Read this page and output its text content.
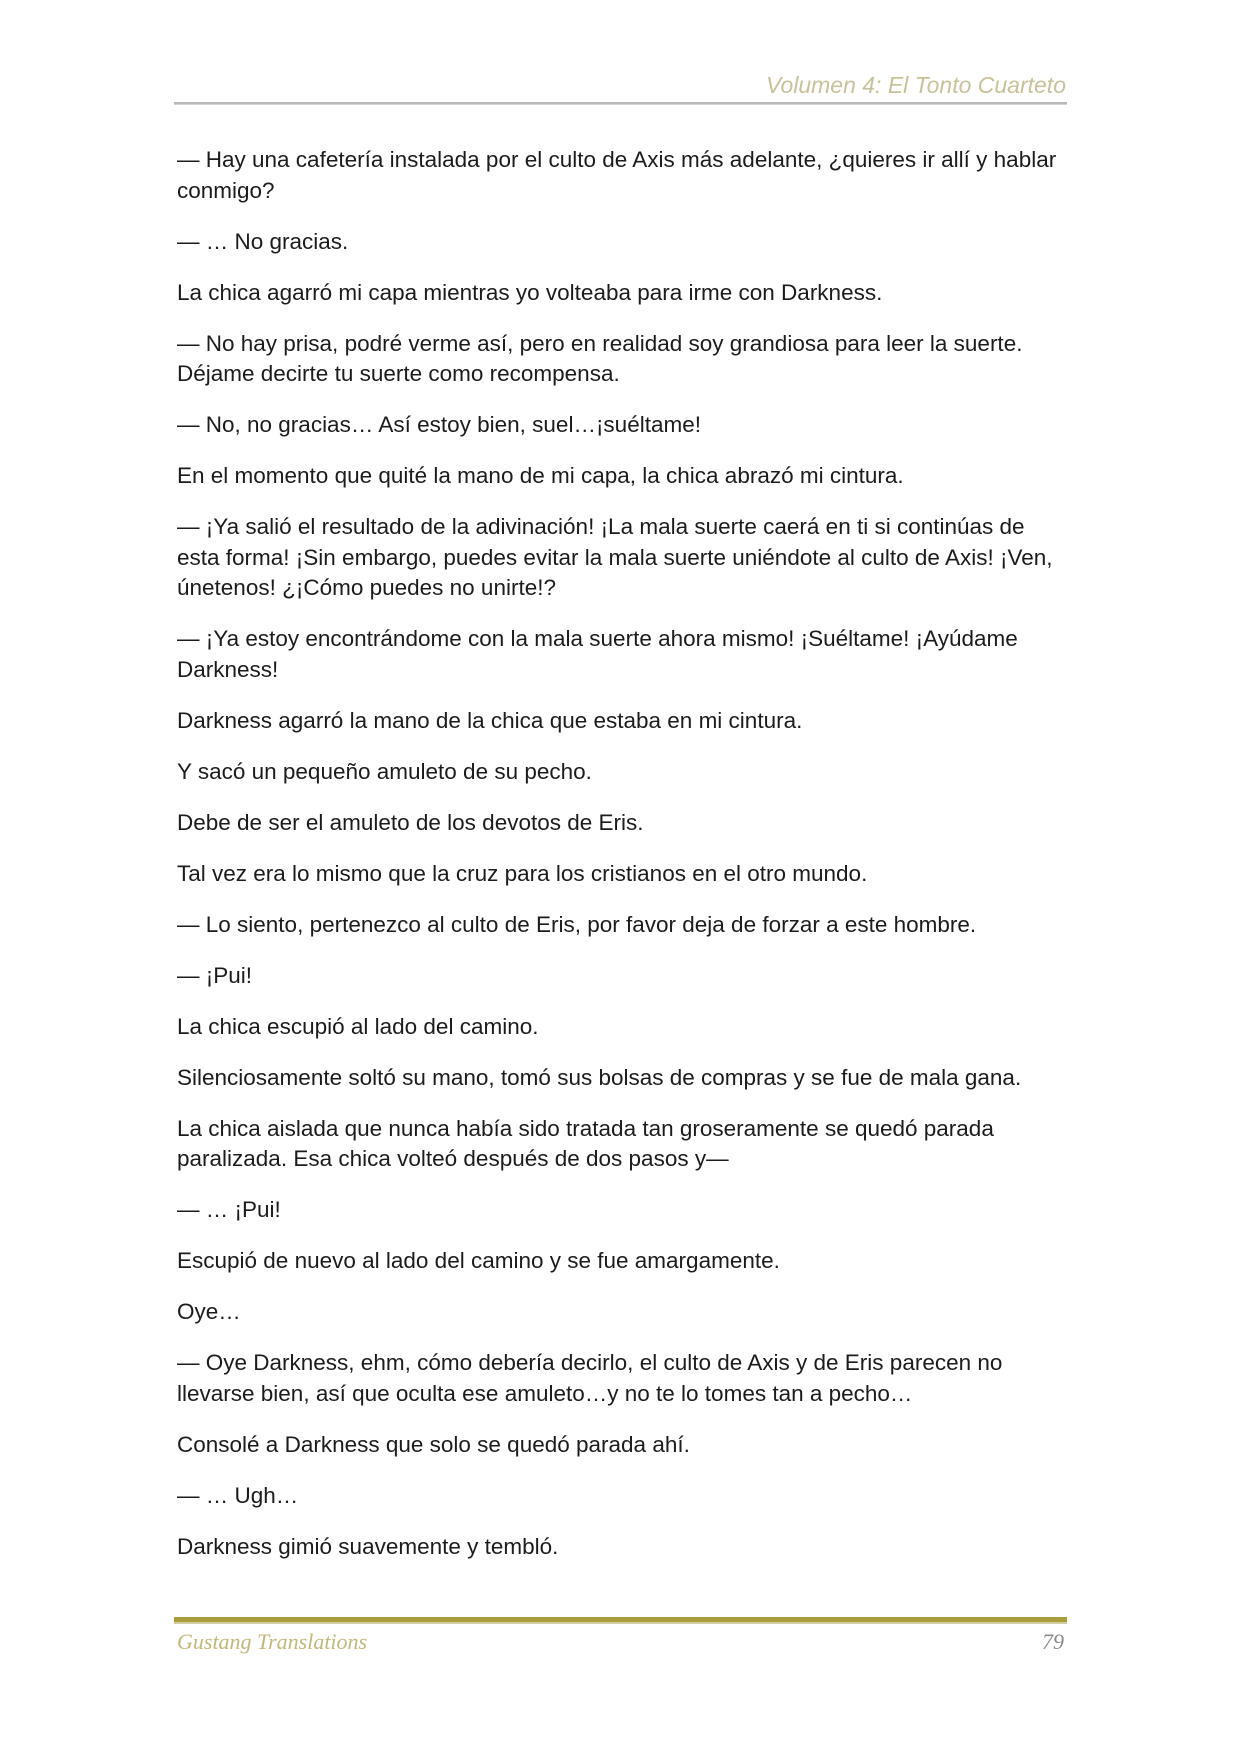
Volumen 4: El Tonto Cuarteto

— Hay una cafetería instalada por el culto de Axis más adelante, ¿quieres ir allí y hablar conmigo?

— … No gracias.

La chica agarró mi capa mientras yo volteaba para irme con Darkness.

— No hay prisa, podré verme así, pero en realidad soy grandiosa para leer la suerte. Déjame decirte tu suerte como recompensa.

— No, no gracias… Así estoy bien, suel…¡suéltame!

En el momento que quité la mano de mi capa, la chica abrazó mi cintura.

— ¡Ya salió el resultado de la adivinación! ¡La mala suerte caerá en ti si continúas de esta forma! ¡Sin embargo, puedes evitar la mala suerte uniéndote al culto de Axis! ¡Ven, únetenos! ¿¡Cómo puedes no unirte!?

— ¡Ya estoy encontrándome con la mala suerte ahora mismo! ¡Suéltame! ¡Ayúdame Darkness!

Darkness agarró la mano de la chica que estaba en mi cintura.

Y sacó un pequeño amuleto de su pecho.

Debe de ser el amuleto de los devotos de Eris.

Tal vez era lo mismo que la cruz para los cristianos en el otro mundo.

— Lo siento, pertenezco al culto de Eris, por favor deja de forzar a este hombre.

— ¡Pui!

La chica escupió al lado del camino.

Silenciosamente soltó su mano, tomó sus bolsas de compras y se fue de mala gana.

La chica aislada que nunca había sido tratada tan groseramente se quedó parada paralizada. Esa chica volteó después de dos pasos y—

— … ¡Pui!

Escupió de nuevo al lado del camino y se fue amargamente.

Oye…

— Oye Darkness, ehm, cómo debería decirlo, el culto de Axis y de Eris parecen no llevarse bien, así que oculta ese amuleto…y no te lo tomes tan a pecho…

Consolé a Darkness que solo se quedó parada ahí.

— … Ugh…

Darkness gimió suavemente y tembló.

Gustang Translations	79
